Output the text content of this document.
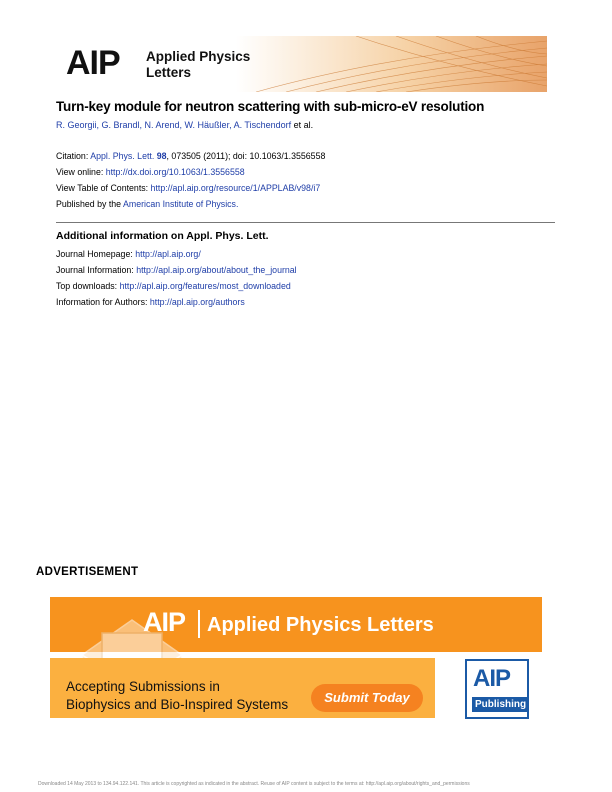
AIP Applied Physics
Letters
Turn-key module for neutron scattering with sub-micro-eV resolution
R. Georgii, G. Brandl, N. Arend, W. Häußler, A. Tischendorf et al.
Citation: Appl. Phys. Lett. 98, 073505 (2011); doi: 10.1063/1.3556558
View online: http://dx.doi.org/10.1063/1.3556558
View Table of Contents: http://apl.aip.org/resource/1/APPLAB/v98/i7
Published by the American Institute of Physics.
Additional information on Appl. Phys. Lett.
Journal Homepage: http://apl.aip.org/
Journal Information: http://apl.aip.org/about/about_the_journal
Top downloads: http://apl.aip.org/features/most_downloaded
Information for Authors: http://apl.aip.org/authors
ADVERTISEMENT
AIP Applied Physics Letters
Accepting Submissions in
Biophysics and Bio-Inspired Systems	Submit Today
AIP
Publishing
Downloaded 14 May 2013 to 134.94.122.141. This article is copyrighted as indicated in the abstract. Reuse of AIP content is subject to the terms at: http://apl.aip.org/about/rights_and_permissions
